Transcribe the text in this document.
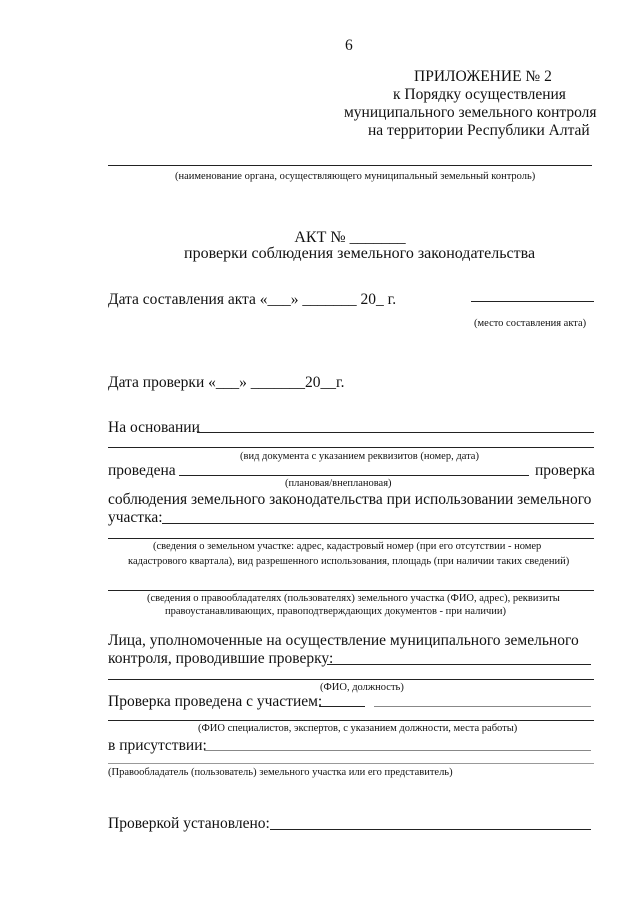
6
ПРИЛОЖЕНИЕ № 2
к Порядку осуществления
муниципального земельного контроля
на территории Республики Алтай
(наименование органа, осуществляющего муниципальный земельный контроль)
АКТ № _______
проверки соблюдения земельного законодательства
Дата составления акта «___» _______ 20_ г.
(место составления акта)
Дата проверки «___» _______20__г.
На основании
(вид документа с указанием реквизитов (номер, дата)
проведена	проверка
(плановая/внеплановая)
соблюдения земельного законодательства при использовании земельного
участка:
(сведения о земельном участке: адрес, кадастровый номер (при его отсутствии - номер
кадастрового квартала), вид разрешенного использования, площадь (при наличии таких сведений)
(сведения о правообладателях (пользователях) земельного участка (ФИО, адрес), реквизиты
правоустанавливающих, правоподтверждающих документов - при наличии)
Лица, уполномоченные на осуществление муниципального земельного
контроля, проводившие проверку:
(ФИО, должность)
Проверка проведена с участием:
(ФИО специалистов, экспертов, с указанием должности, места работы)
в присутствии:
(Правообладатель (пользователь) земельного участка или его представитель)
Проверкой установлено:
